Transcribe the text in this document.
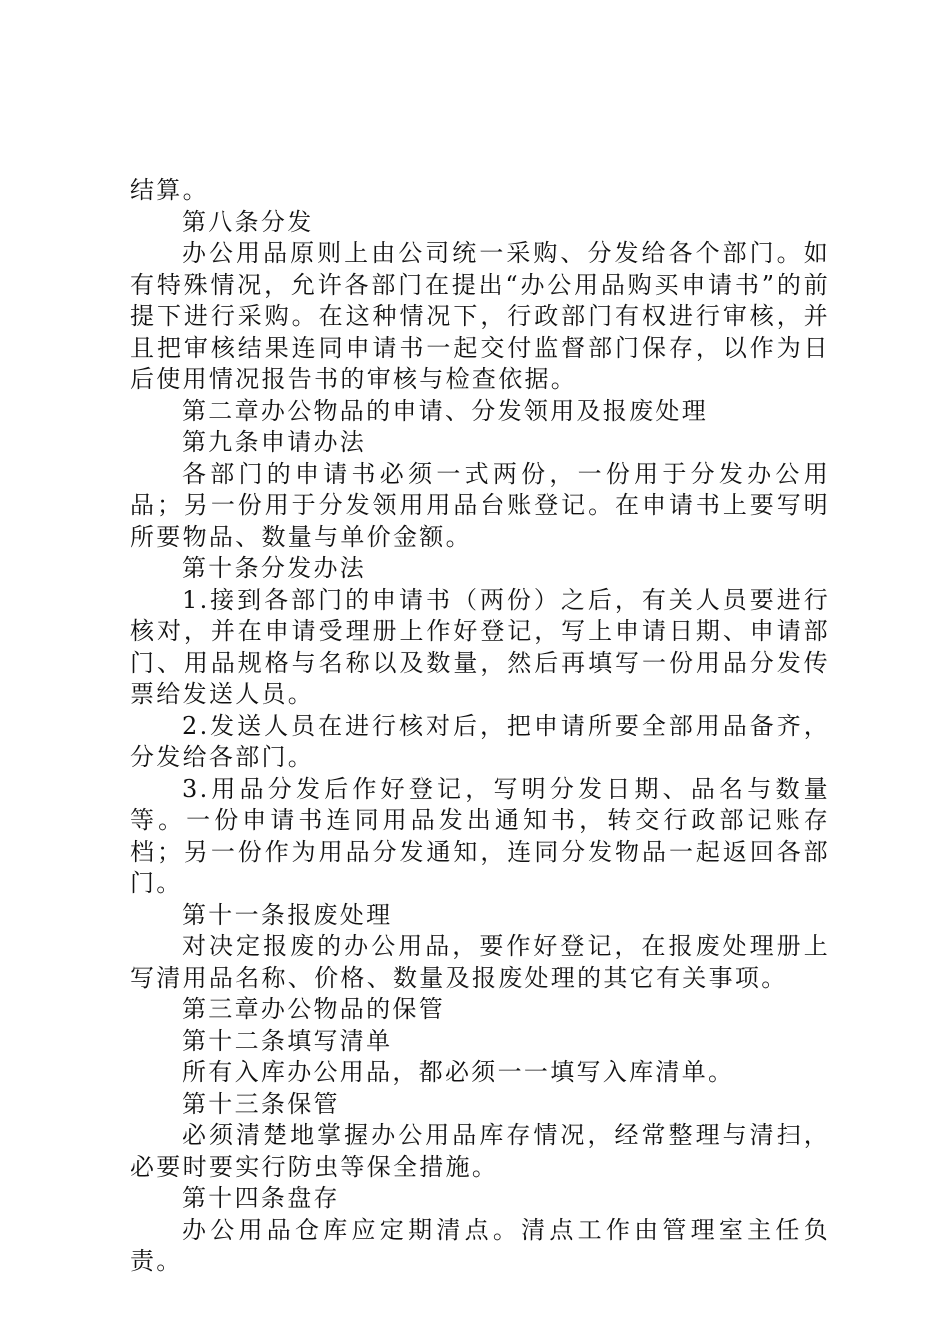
结算。

第八条分发

办公用品原则上由公司统一采购、分发给各个部门。如有特殊情况，允许各部门在提出“办公用品购买申请书”的前提下进行采购。在这种情况下，行政部门有权进行审核，并且把审核结果连同申请书一起交付监督部门保存，以作为日后使用情况报告书的审核与检查依据。

第二章办公物品的申请、分发领用及报废处理

第九条申请办法

各部门的申请书必须一式两份，一份用于分发办公用品；另一份用于分发领用用品台账登记。在申请书上要写明所要物品、数量与单价金额。

第十条分发办法

1.接到各部门的申请书（两份）之后，有关人员要进行核对，并在申请受理册上作好登记，写上申请日期、申请部门、用品规格与名称以及数量，然后再填写一份用品分发传票给发送人员。

2.发送人员在进行核对后，把申请所要全部用品备齐，分发给各部门。

3.用品分发后作好登记，写明分发日期、品名与数量等。一份申请书连同用品发出通知书，转交行政部记账存档；另一份作为用品分发通知，连同分发物品一起返回各部门。

第十一条报废处理

对决定报废的办公用品，要作好登记，在报废处理册上写清用品名称、价格、数量及报废处理的其它有关事项。

第三章办公物品的保管

第十二条填写清单

所有入库办公用品，都必须一一填写入库清单。

第十三条保管

必须清楚地掌握办公用品库存情况，经常整理与清扫，必要时要实行防虫等保全措施。

第十四条盘存

办公用品仓库应定期清点。清点工作由管理室主任负责。
